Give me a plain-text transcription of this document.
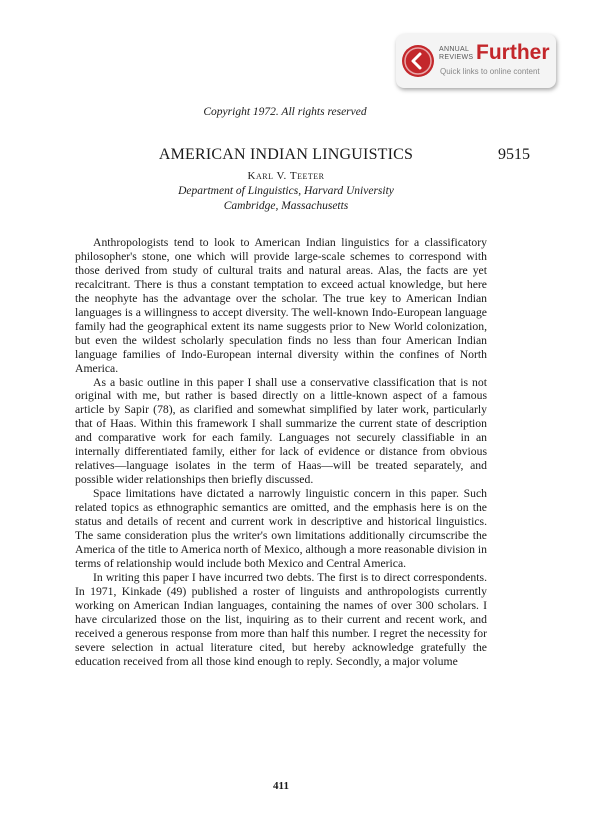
ANNUAL REVIEWS Further
Quick links to online content
Copyright 1972. All rights reserved
AMERICAN INDIAN LINGUISTICS	9515
Karl V. Teeter
Department of Linguistics, Harvard University
Cambridge, Massachusetts

Anthropologists tend to look to American Indian linguistics for a classificatory philosopher's stone, one which will provide large-scale schemes to correspond with those derived from study of cultural traits and natural areas. Alas, the facts are yet recalcitrant. There is thus a constant temptation to exceed actual knowledge, but here the neophyte has the advantage over the scholar. The true key to American Indian languages is a willingness to accept diversity. The well-known Indo-European language family had the geographical extent its name suggests prior to New World colonization, but even the wildest scholarly speculation finds no less than four American Indian language families of Indo-European internal diversity within the confines of North America.

As a basic outline in this paper I shall use a conservative classification that is not original with me, but rather is based directly on a little-known aspect of a famous article by Sapir (78), as clarified and somewhat simplified by later work, particularly that of Haas. Within this framework I shall summarize the current state of description and comparative work for each family. Languages not securely classifiable in an internally differentiated family, either for lack of evidence or distance from obvious relatives—language isolates in the term of Haas—will be treated separately, and possible wider relationships then briefly discussed.

Space limitations have dictated a narrowly linguistic concern in this paper. Such related topics as ethnographic semantics are omitted, and the emphasis here is on the status and details of recent and current work in descriptive and historical linguistics. The same consideration plus the writer's own limitations additionally circumscribe the America of the title to America north of Mexico, although a more reasonable division in terms of relationship would include both Mexico and Central America.

In writing this paper I have incurred two debts. The first is to direct correspondents. In 1971, Kinkade (49) published a roster of linguists and anthropologists currently working on American Indian languages, containing the names of over 300 scholars. I have circularized those on the list, inquiring as to their current and recent work, and received a generous response from more than half this number. I regret the necessity for severe selection in actual literature cited, but hereby acknowledge gratefully the education received from all those kind enough to reply. Secondly, a major volume

411
